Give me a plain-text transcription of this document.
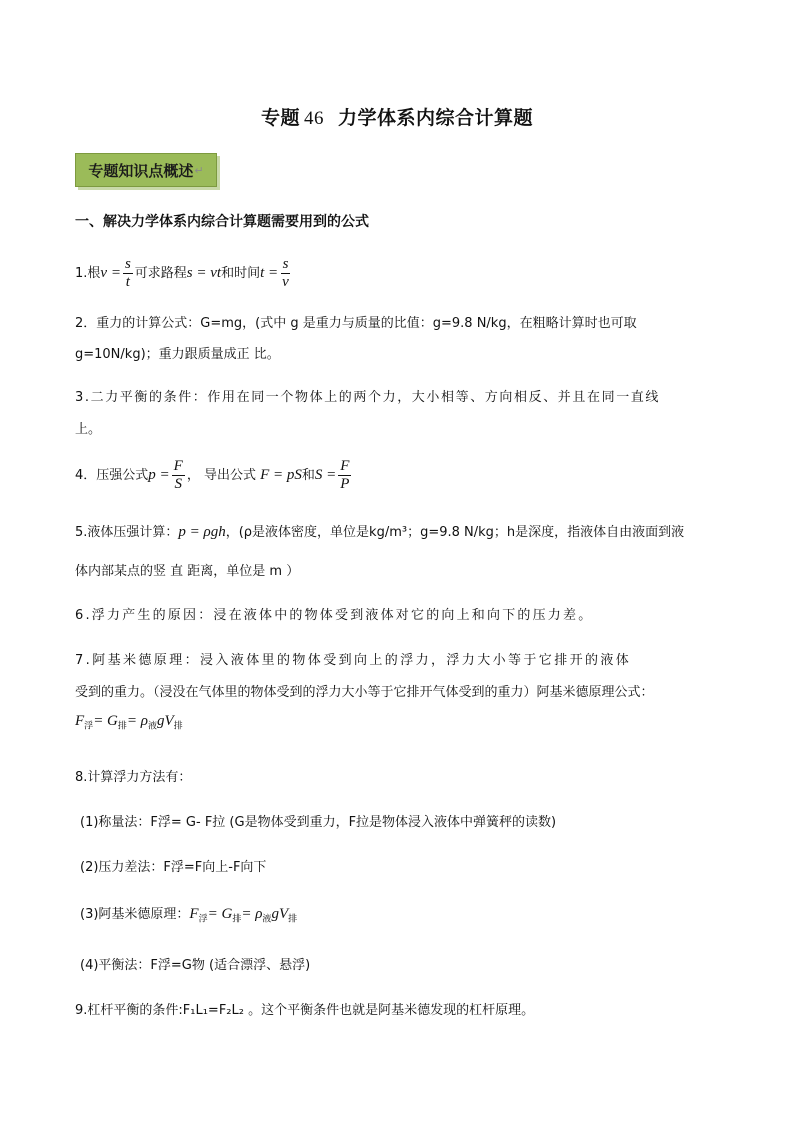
专题 46 力学体系内综合计算题
专题知识点概述 ↵
一、解决力学体系内综合计算题需要用到的公式
1.根$v = \frac{s}{t}$ 可求路程s = vt和时间$t = \frac{s}{v}$
2．重力的计算公式：G=mg，(式中 g 是重力与质量的比值：g=9.8 N/kg，在粗略计算时也可取
g=10N/kg)；重力跟质量成正 比。
3.二力平衡的条件：作用在同一个物体上的两个力，大小相等、方向相反、并且在同一直线
上。
4．压强公式$p = \frac{F}{S}$ ， 导出公式 F = pS和$S = \frac{F}{P}$
5.液体压强计算：p = ρgh，(ρ是液体密度，单位是kg/m³；g=9.8 N/kg；h是深度，指液体自由液面到液
体内部某点的竖 直 距离，单位是 m ）
6.浮力产生的原因：浸在液体中的物体受到液体对它的向上和向下的压力差。
7.阿基米德原理：浸入液体里的物体受到向上的浮力，浮力大小等于它排开的液体
受到的重力。（浸没在气体里的物体受到的浮力大小等于它排开气体受到的重力）阿基米德原理公式：
$F_浮= G_排= \rho_液gV_排$
8.计算浮力方法有：
(1)称量法：F浮= G- F拉 (G是物体受到重力，F拉是物体浸入液体中弹簧秤的读数)
(2)压力差法：F浮=F向上-F向下
(3)阿基米德原理：$F_浮= G_排= \rho_液gV_排$
(4)平衡法：F浮=G物 (适合漂浮、悬浮)
9.杠杆平衡的条件:F₁L₁=F₂L₂ 。这个平衡条件也就是阿基米德发现的杠杆原理。
